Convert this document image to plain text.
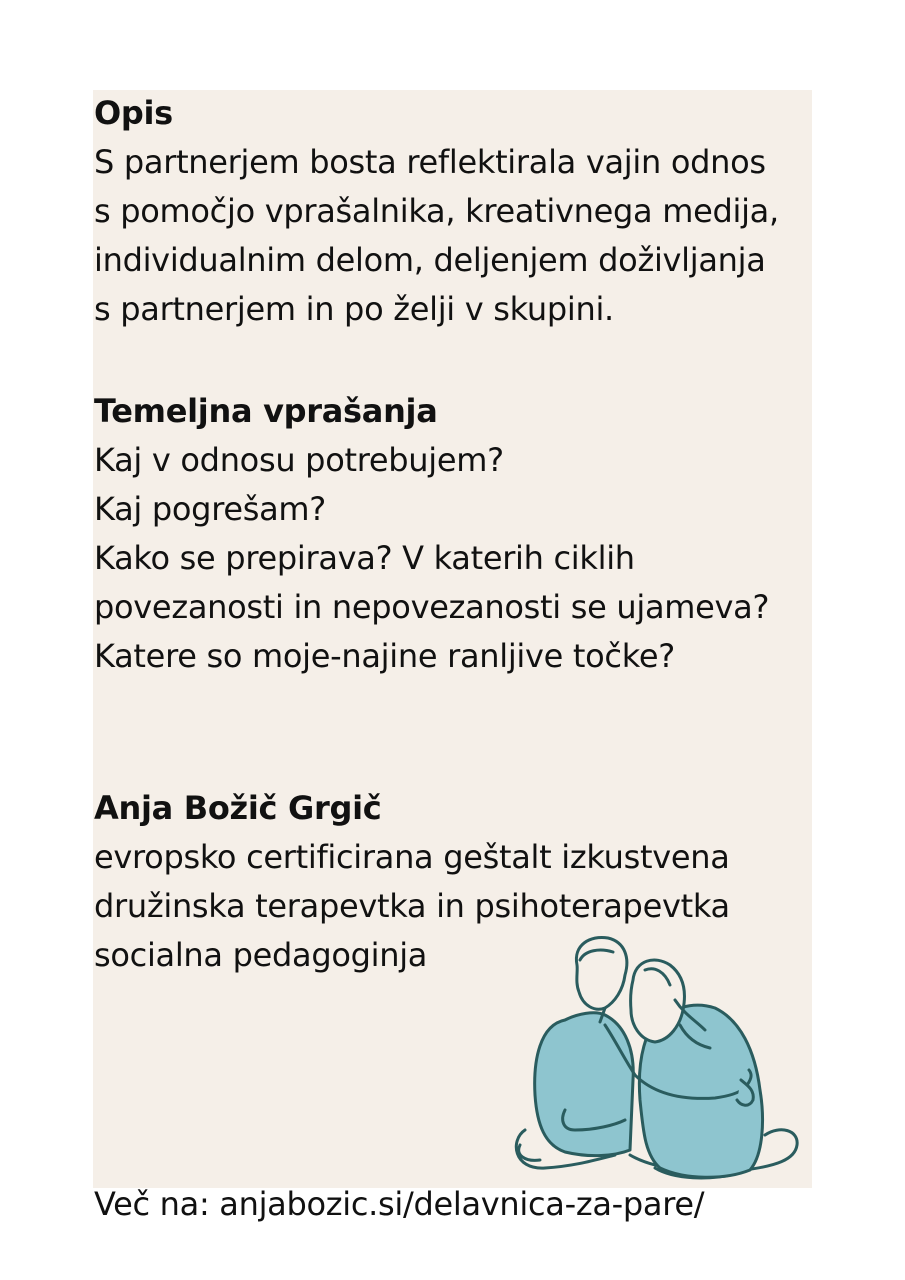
Opis
S partnerjem bosta reflektirala vajin odnos
s pomočjo vprašalnika, kreativnega medija,
individualnim delom, deljenjem doživljanja
s partnerjem in po želji v skupini.
Temeljna vprašanja
Kaj v odnosu potrebujem?
Kaj pogrešam?
Kako se prepirava? V katerih ciklih
povezanosti in nepovezanosti se ujameva?
Katere so moje-najine ranljive točke?
Anja Božič Grgič
evropsko certificirana geštalt izkustvena
družinska terapevtka in psihoterapevtka
socialna pedagoginja
Več na: anjabozic.si/delavnica-za-pare/
